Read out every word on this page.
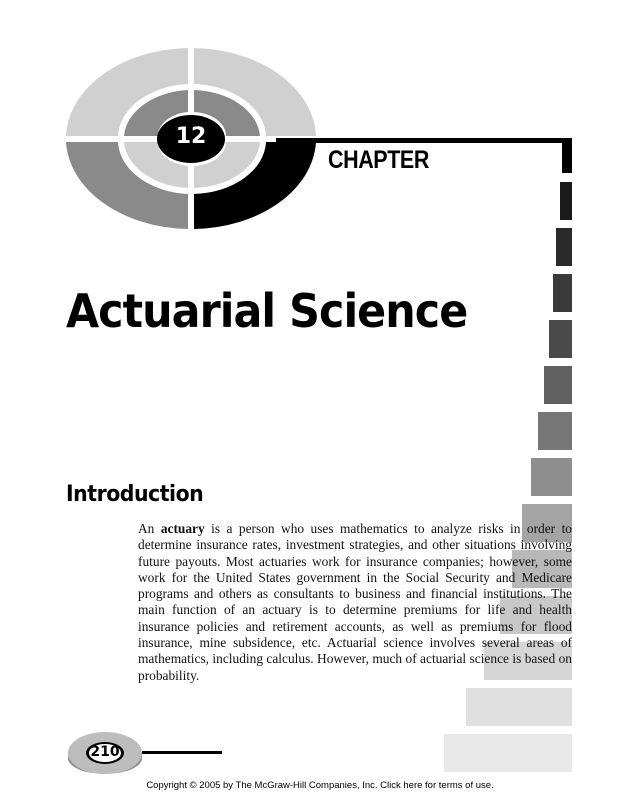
CHAPTER
12
Actuarial Science
Introduction

An actuary is a person who uses mathematics to analyze risks in order to determine insurance rates, investment strategies, and other situations involving future payouts. Most actuaries work for insurance companies; however, some work for the United States government in the Social Security and Medicare programs and others as consultants to business and financial institutions. The main function of an actuary is to determine premiums for life and health insurance policies and retirement accounts, as well as premiums for flood insurance, mine subsidence, etc. Actuarial science involves several areas of mathematics, including calculus. However, much of actuarial science is based on probability.

210
Copyright © 2005 by The McGraw-Hill Companies, Inc. Click here for terms of use.
